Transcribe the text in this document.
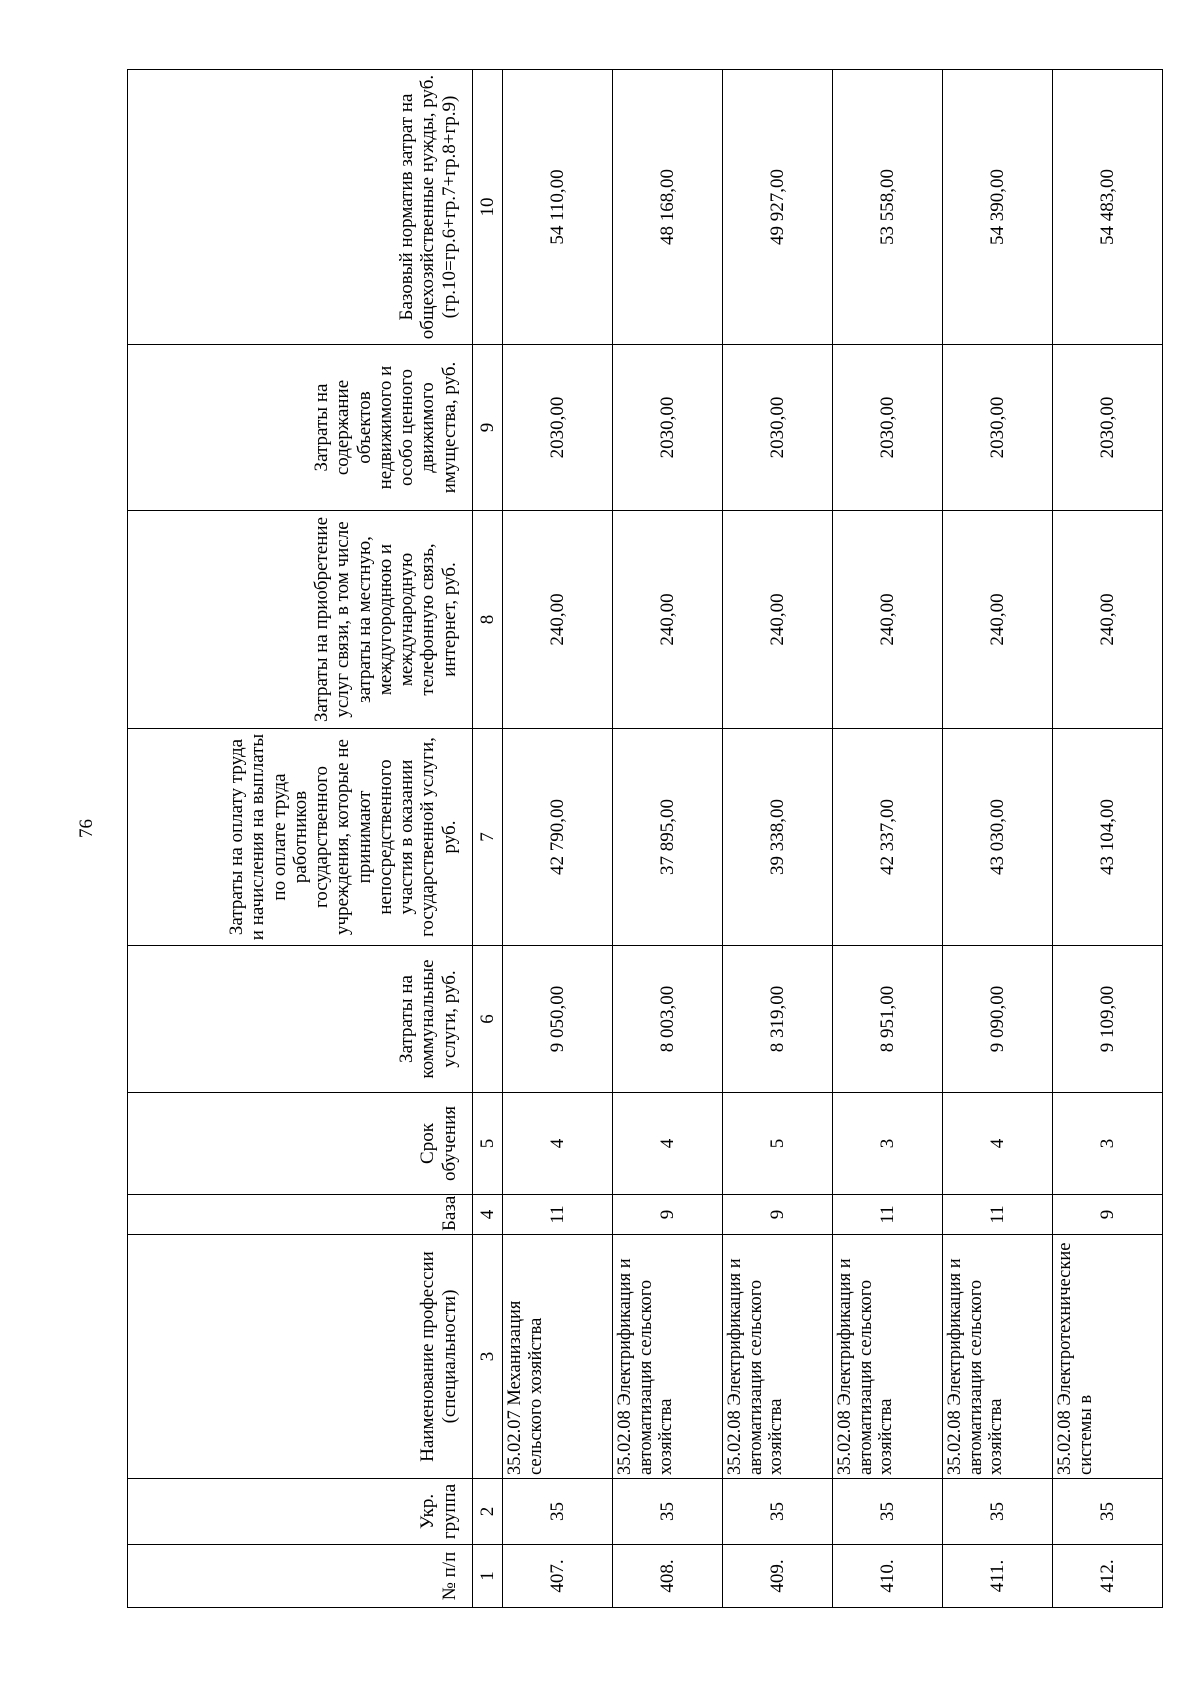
76
№ п/п	Укр. группа	Наименование профессии (специальности)	База	Срок обучения	Затраты на коммунальные услуги, руб.	Затраты на оплату труда и начисления на выплаты по оплате труда работников государственного учреждения, которые не принимают непосредственного участия в оказании государственной услуги, руб.	Затраты на приобретение услуг связи, в том числе затраты на местную, междугороднюю и международную телефонную связь, интернет, руб.	Затраты на содержание объектов недвижимого и особо ценного движимого имущества, руб.	Базовый норматив затрат на общехозяйственные нужды, руб. (гр.10=гр.6+гр.7+гр.8+гр.9)
1	2	3	4	5	6	7	8	9	10
407.	35	35.02.07 Механизация сельского хозяйства	11	4	9 050,00	42 790,00	240,00	2030,00	54 110,00
408.	35	35.02.08 Электрификация и автоматизация сельского хозяйства	9	4	8 003,00	37 895,00	240,00	2030,00	48 168,00
409.	35	35.02.08 Электрификация и автоматизация сельского хозяйства	9	5	8 319,00	39 338,00	240,00	2030,00	49 927,00
410.	35	35.02.08 Электрификация и автоматизация сельского хозяйства	11	3	8 951,00	42 337,00	240,00	2030,00	53 558,00
411.	35	35.02.08 Электрификация и автоматизация сельского хозяйства	11	4	9 090,00	43 030,00	240,00	2030,00	54 390,00
412.	35	35.02.08 Электротехнические системы в	9	3	9 109,00	43 104,00	240,00	2030,00	54 483,00
